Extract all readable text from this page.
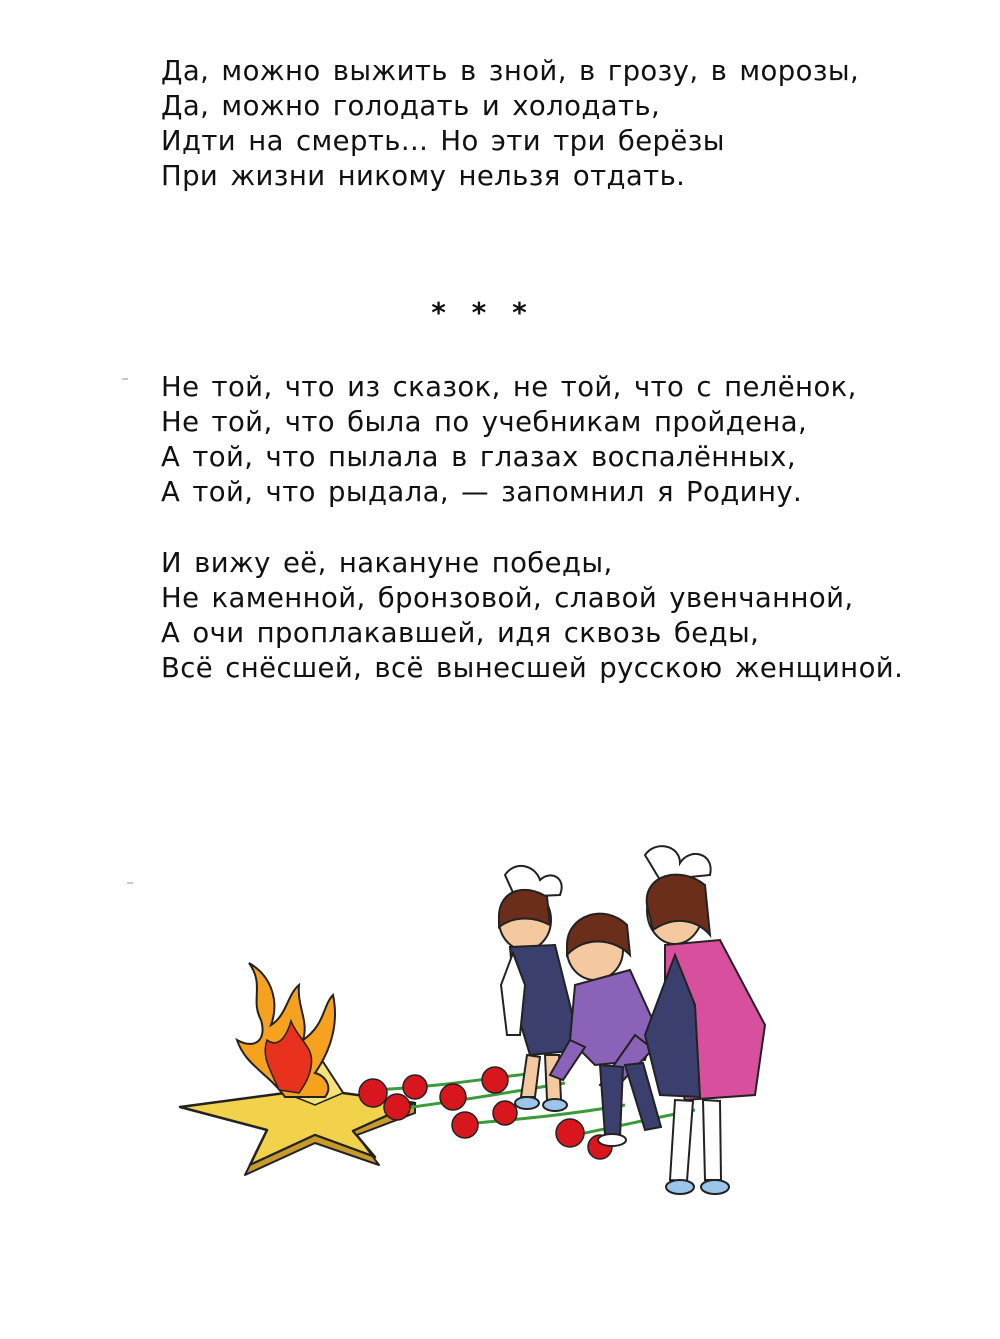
Да, можно выжить в зной, в грозу, в морозы,
Да, можно голодать и холодать,
Идти на смерть... Но эти три берёзы
При жизни никому нельзя отдать.
* * *
Не той, что из сказок, не той, что с пелёнок,
Не той, что была по учебникам пройдена,
А той, что пылала в глазах воспалённых,
А той, что рыдала, — запомнил я Родину.
И вижу её, накануне победы,
Не каменной, бронзовой, славой увенчанной,
А очи проплакавшей, идя сквозь беды,
Всё снёсшей, всё вынесшей русскою женщиной.
